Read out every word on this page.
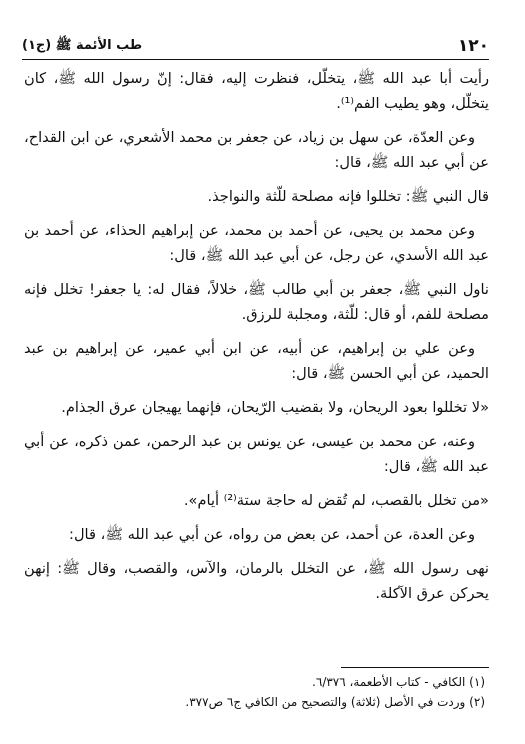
١٢٠
طب الأئمة ﷺ (ج١)

رأيت أبا عبد الله ﷺ، يتخلّل، فنظرت إليه، فقال: إنّ رسول الله ﷺ، كان يتخلّل، وهو يطيب الفم⁽¹⁾.

وعن العدّة، عن سهل بن زياد، عن جعفر بن محمد الأشعري، عن ابن القداح، عن أبي عبد الله ﷺ، قال:

قال النبي ﷺ: تخللوا فإنه مصلحة للّثة والنواجذ.

وعن محمد بن يحيى، عن أحمد بن محمد، عن إبراهيم الحذاء، عن أحمد بن عبد الله الأسدي، عن رجل، عن أبي عبد الله ﷺ، قال:

ناول النبي ﷺ، جعفر بن أبي طالب ﷺ، خلالاً، فقال له: يا جعفر! تخلل فإنه مصلحة للفم، أو قال: للّثة، ومجلبة للرزق.

وعن علي بن إبراهيم، عن أبيه، عن ابن أبي عمير، عن إبراهيم بن عبد الحميد، عن أبي الحسن ﷺ، قال:

«لا تخللوا بعود الريحان، ولا بقضيب الرّيحان، فإنهما يهيجان عرق الجذام.

وعنه، عن محمد بن عيسى، عن يونس بن عبد الرحمن، عمن ذكره، عن أبي عبد الله ﷺ، قال:

«من تخلل بالقصب، لم تُقض له حاجة ستة⁽²⁾ أيام».

وعن العدة، عن أحمد، عن بعض من رواه، عن أبي عبد الله ﷺ، قال:

نهى رسول الله ﷺ، عن التخلل بالرمان، والآس، والقصب، وقال ﷺ: إنهن يحركن عرق الآكلة.

(١) الكافي - كتاب الأطعمة، ٦/٣٧٦.

(٢) وردت في الأصل (ثلاثة) والتصحيح من الكافي ج٦ ص٣٧٧.
